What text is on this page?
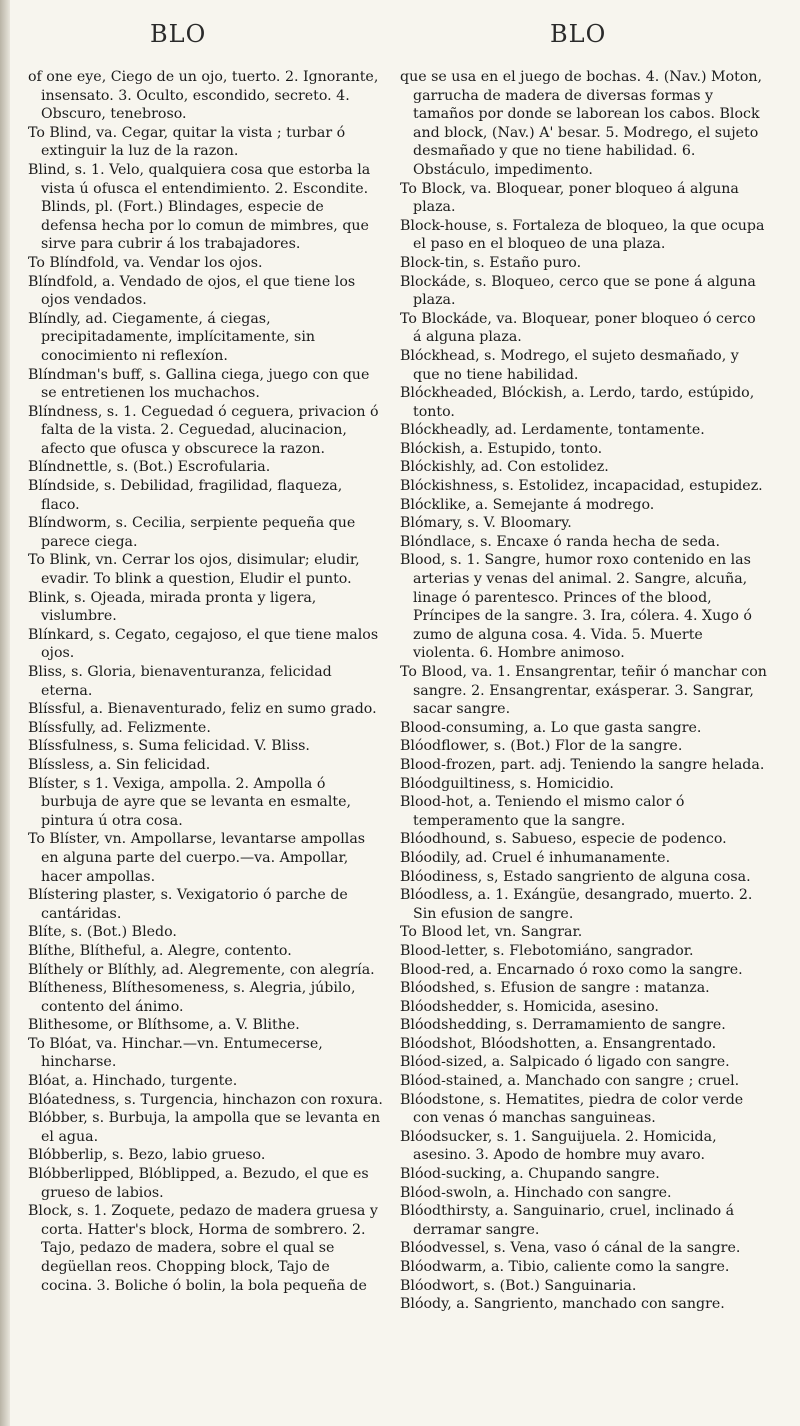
BLO	BLO

of one eye, Ciego de un ojo, tuerto. 2. Ignorante, insensato. 3. Oculto, escondido, secreto. 4. Obscuro, tenebroso.

To Blind, va. Cegar, quitar la vista ; turbar ó extinguir la luz de la razon.

Blind, s. 1. Velo, qualquiera cosa que estorba la vista ú ofusca el entendimiento. 2. Escondite. Blinds, pl. (Fort.) Blindages, especie de defensa hecha por lo comun de mimbres, que sirve para cubrir á los trabajadores.

To Blíndfold, va. Vendar los ojos.

Blíndfold, a. Vendado de ojos, el que tiene los ojos vendados.

Blíndly, ad. Ciegamente, á ciegas, precipitadamente, implícitamente, sin conocimiento ni reflexíon.

Blíndman's buff, s. Gallina ciega, juego con que se entretienen los muchachos.

Blíndness, s. 1. Ceguedad ó ceguera, privacion ó falta de la vista. 2. Ceguedad, alucinacion, afecto que ofusca y obscurece la razon.

Blíndnettle, s. (Bot.) Escrofularia.

Blíndside, s. Debilidad, fragilidad, flaqueza, flaco.

Blíndworm, s. Cecilia, serpiente pequeña que parece ciega.

To Blink, vn. Cerrar los ojos, disimular; eludir, evadir. To blink a question, Eludir el punto.

Blink, s. Ojeada, mirada pronta y ligera, vislumbre.

Blínkard, s. Cegato, cegajoso, el que tiene malos ojos.

Bliss, s. Gloria, bienaventuranza, felicidad eterna.

Blíssful, a. Bienaventurado, feliz en sumo grado.

Blíssfully, ad. Felizmente.

Blíssfulness, s. Suma felicidad. V. Bliss.

Blíssless, a. Sin felicidad.

Blíster, s 1. Vexiga, ampolla. 2. Ampolla ó burbuja de ayre que se levanta en esmalte, pintura ú otra cosa.

To Blíster, vn. Ampollarse, levantarse ampollas en alguna parte del cuerpo.—va. Ampollar, hacer ampollas.

Blístering plaster, s. Vexigatorio ó parche de cantáridas.

Blíte, s. (Bot.) Bledo.

Blíthe, Blítheful, a. Alegre, contento.

Blíthely or Blíthly, ad. Alegremente, con alegría.

Blítheness, Blíthesomeness, s. Alegria, júbilo, contento del ánimo.

Blithesome, or Blíthsome, a. V. Blithe.

To Blóat, va. Hinchar.—vn. Entumecerse, hincharse.

Blóat, a. Hinchado, turgente.

Blóatedness, s. Turgencia, hinchazon con roxura.

Blóbber, s. Burbuja, la ampolla que se levanta en el agua.

Blóbberlip, s. Bezo, labio grueso.

Blóbberlipped, Blóblipped, a. Bezudo, el que es grueso de labios.

Block, s. 1. Zoquete, pedazo de madera gruesa y corta. Hatter's block, Horma de sombrero. 2. Tajo, pedazo de madera, sobre el qual se degüellan reos. Chopping block, Tajo de cocina. 3. Boliche ó bolin, la bola pequeña de

que se usa en el juego de bochas. 4. (Nav.) Moton, garrucha de madera de diversas formas y tamaños por donde se laborean los cabos. Block and block, (Nav.) A' besar. 5. Modrego, el sujeto desmañado y que no tiene habilidad. 6. Obstáculo, impedimento.

To Block, va. Bloquear, poner bloqueo á alguna plaza.

Block-house, s. Fortaleza de bloqueo, la que ocupa el paso en el bloqueo de una plaza.

Block-tin, s. Estaño puro.

Blockáde, s. Bloqueo, cerco que se pone á alguna plaza.

To Blockáde, va. Bloquear, poner bloqueo ó cerco á alguna plaza.

Blóckhead, s. Modrego, el sujeto desmañado, y que no tiene habilidad.

Blóckheaded, Blóckish, a. Lerdo, tardo, estúpido, tonto.

Blóckheadly, ad. Lerdamente, tontamente.

Blóckish, a. Estupido, tonto.

Blóckishly, ad. Con estolidez.

Blóckishness, s. Estolidez, incapacidad, estupidez.

Blócklike, a. Semejante á modrego.

Blómary, s. V. Bloomary.

Blóndlace, s. Encaxe ó randa hecha de seda.

Blood, s. 1. Sangre, humor roxo contenido en las arterias y venas del animal. 2. Sangre, alcuña, linage ó parentesco. Princes of the blood, Príncipes de la sangre. 3. Ira, cólera. 4. Xugo ó zumo de alguna cosa. 4. Vida. 5. Muerte violenta. 6. Hombre animoso.

To Blood, va. 1. Ensangrentar, teñir ó manchar con sangre. 2. Ensangrentar, exásperar. 3. Sangrar, sacar sangre.

Blood-consuming, a. Lo que gasta sangre.

Blóodflower, s. (Bot.) Flor de la sangre.

Blood-frozen, part. adj. Teniendo la sangre helada.

Blóodguiltiness, s. Homicidio.

Blood-hot, a. Teniendo el mismo calor ó temperamento que la sangre.

Blóodhound, s. Sabueso, especie de podenco.

Blóodily, ad. Cruel é inhumanamente.

Blóodiness, s, Estado sangriento de alguna cosa.

Blóodless, a. 1. Exángüe, desangrado, muerto. 2. Sin efusion de sangre.

To Blood let, vn. Sangrar.

Blood-letter, s. Flebotomiáno, sangrador.

Blood-red, a. Encarnado ó roxo como la sangre.

Blóodshed, s. Efusion de sangre : matanza.

Blóodshedder, s. Homicida, asesino.

Blóodshedding, s. Derramamiento de sangre.

Blóodshot, Blóodshotten, a. Ensangrentado.

Blóod-sized, a. Salpicado ó ligado con sangre.

Blóod-stained, a. Manchado con sangre ; cruel.

Blóodstone, s. Hematites, piedra de color verde con venas ó manchas sanguineas.

Blóodsucker, s. 1. Sanguijuela. 2. Homicida, asesino. 3. Apodo de hombre muy avaro.

Blóod-sucking, a. Chupando sangre.

Blóod-swoln, a. Hinchado con sangre.

Blóodthirsty, a. Sanguinario, cruel, inclinado á derramar sangre.

Blóodvessel, s. Vena, vaso ó cánal de la sangre.

Blóodwarm, a. Tibio, caliente como la sangre.

Blóodwort, s. (Bot.) Sanguinaria.

Blóody, a. Sangriento, manchado con sangre.
